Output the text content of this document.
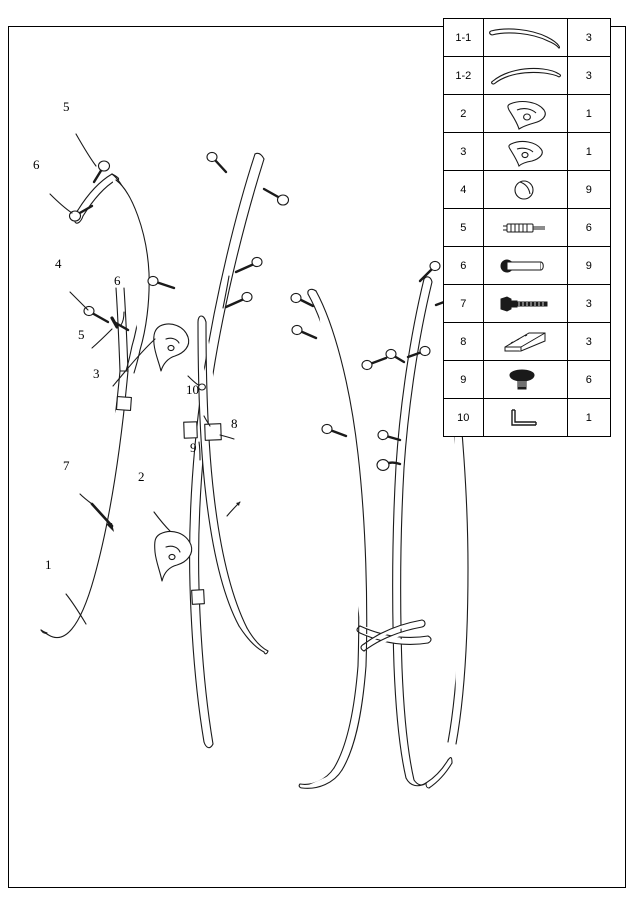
5
6
4
6
5
3
10
8
9
7
2
1
1-1		3
1-2		3
2		1
3		1
4		9
5		6
6		9
7		3
8		3
9		6
10		1
